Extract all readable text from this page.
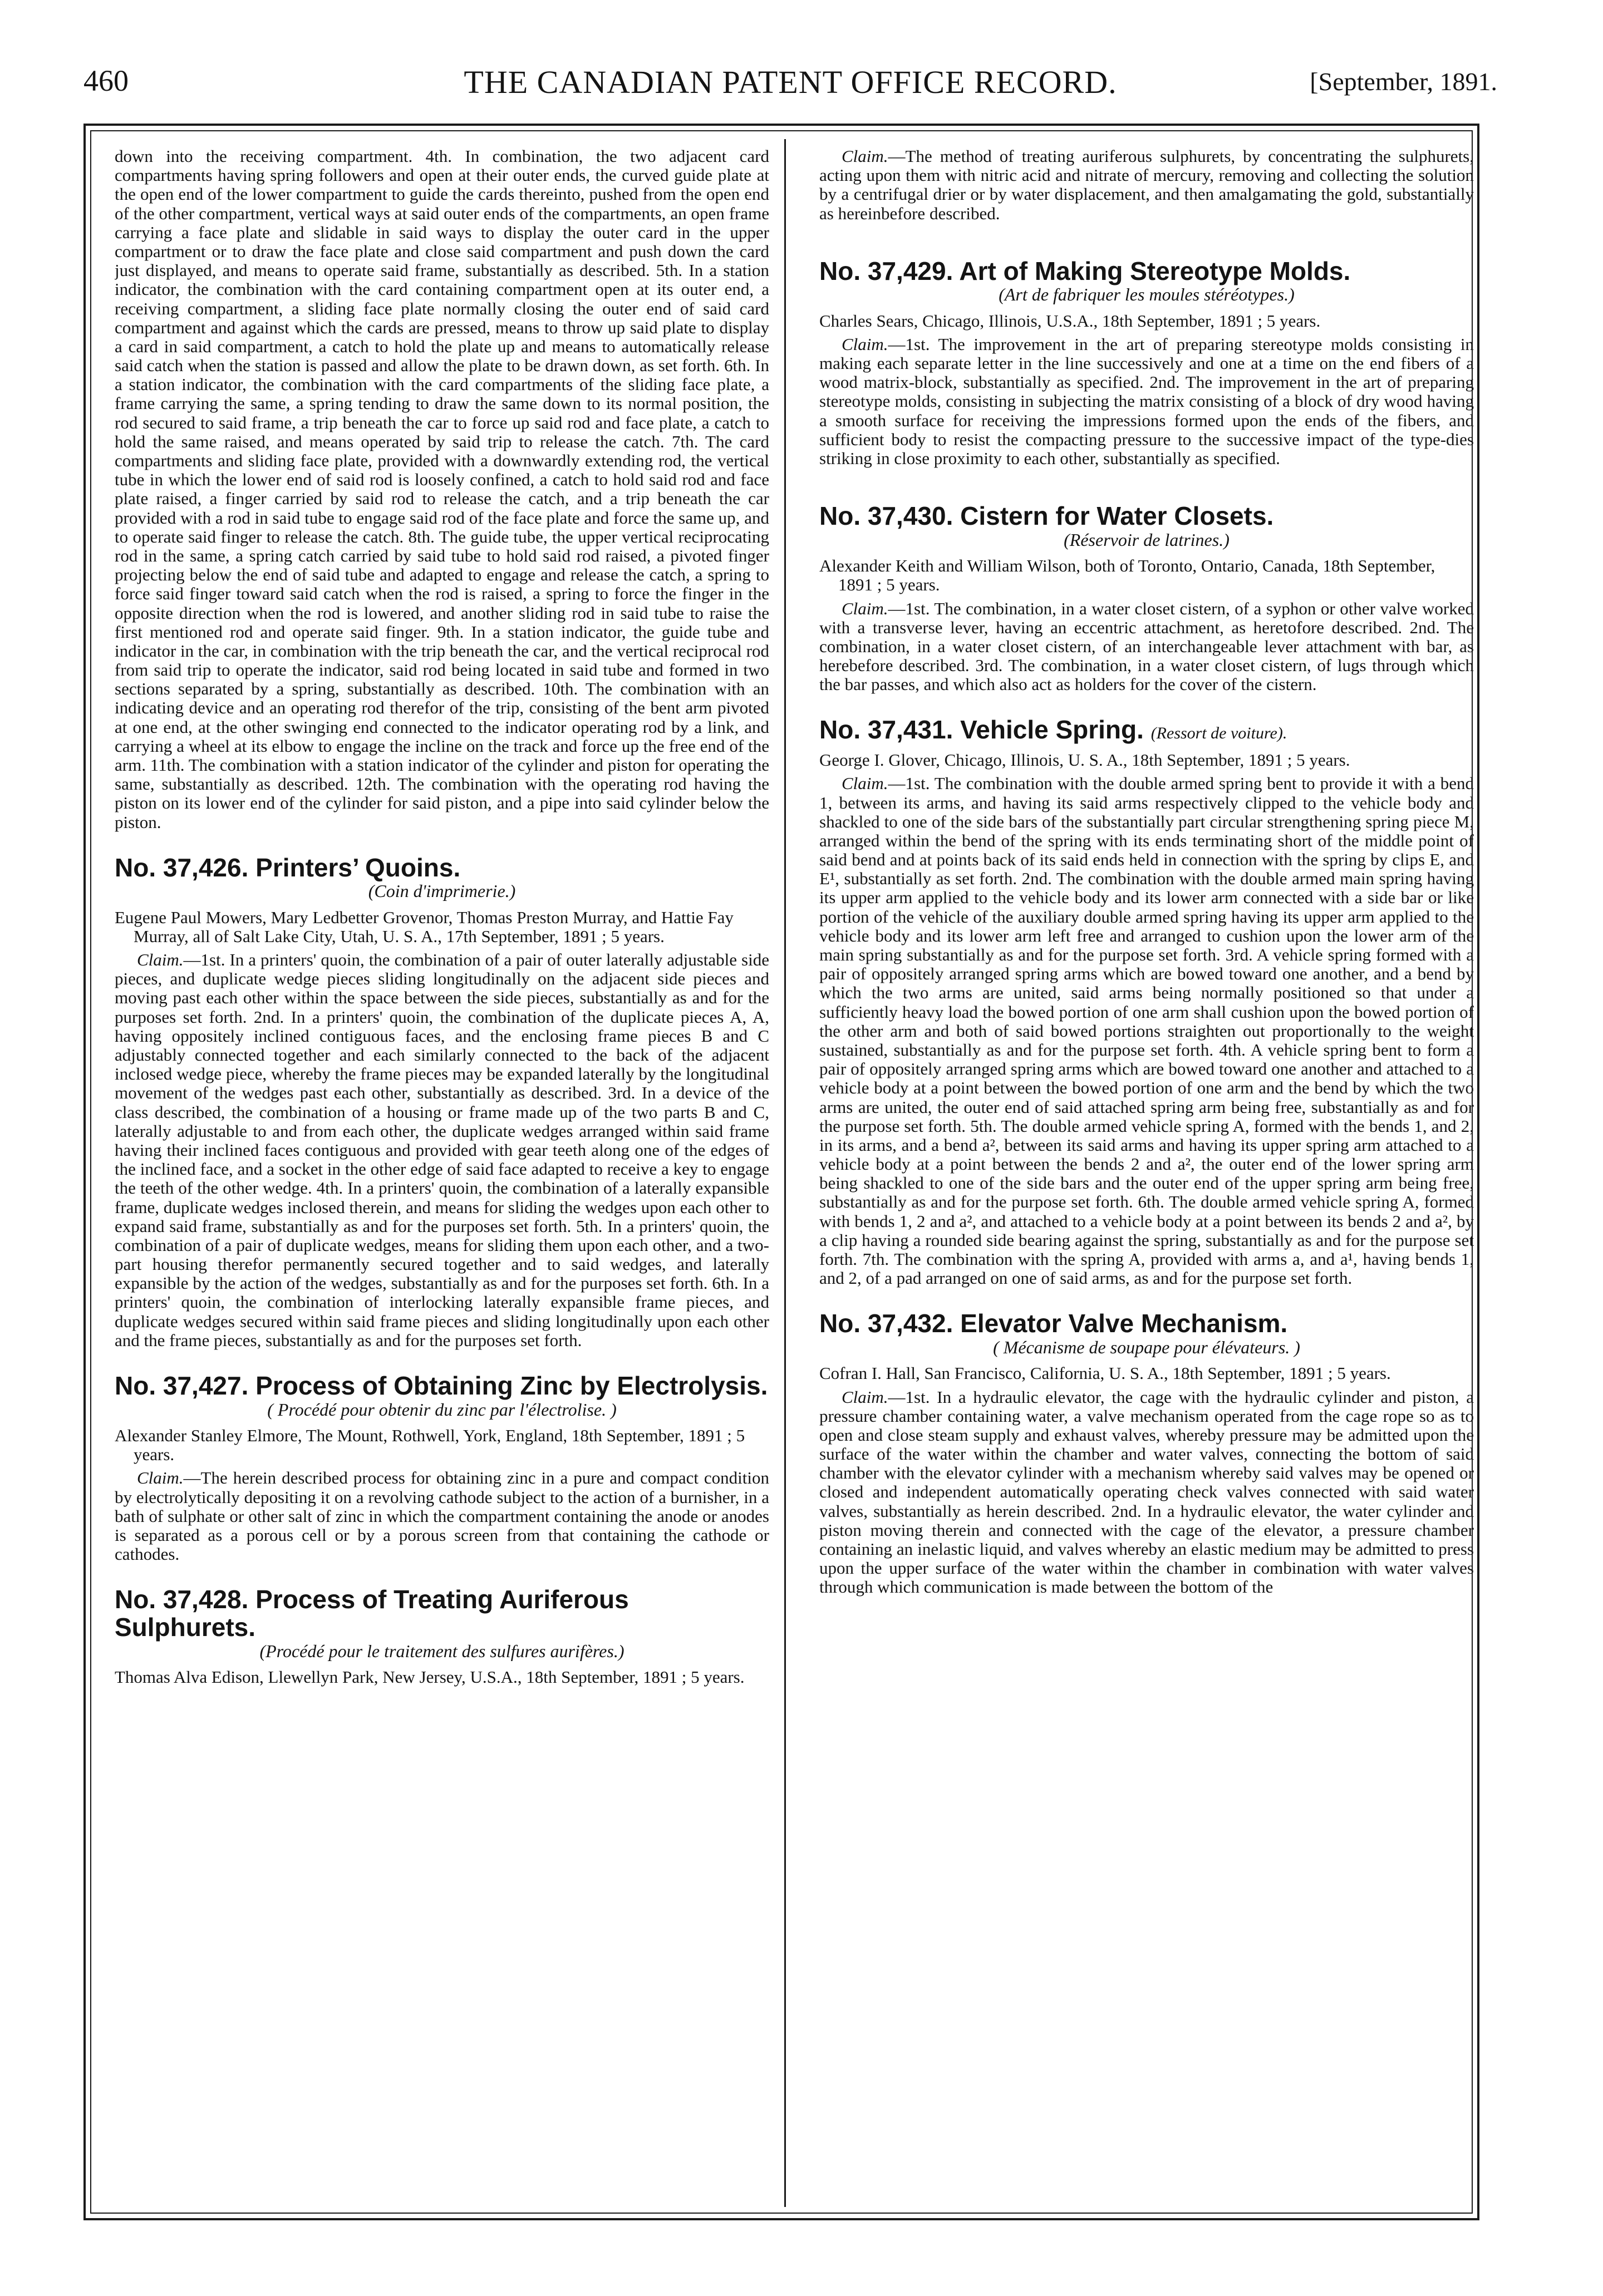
460	THE CANADIAN PATENT OFFICE RECORD.	[September, 1891.

down into the receiving compartment. 4th. In combination, the two adjacent card compartments having spring followers and open at their outer ends, the curved guide plate at the open end of the lower compartment to guide the cards thereinto, pushed from the open end of the other compartment, vertical ways at said outer ends of the compartments, an open frame carrying a face plate and slidable in said ways to display the outer card in the upper compartment or to draw the face plate and close said compartment and push down the card just displayed, and means to operate said frame, substantially as described. 5th. In a station indicator, the combination with the card containing compartment open at its outer end, a receiving compartment, a sliding face plate normally closing the outer end of said card compartment and against which the cards are pressed, means to throw up said plate to display a card in said compartment, a catch to hold the plate up and means to automatically release said catch when the station is passed and allow the plate to be drawn down, as set forth. 6th. In a station indicator, the combination with the card compartments of the sliding face plate, a frame carrying the same, a spring tending to draw the same down to its normal position, the rod secured to said frame, a trip beneath the car to force up said rod and face plate, a catch to hold the same raised, and means operated by said trip to release the catch. 7th. The card compartments and sliding face plate, provided with a downwardly extending rod, the vertical tube in which the lower end of said rod is loosely confined, a catch to hold said rod and face plate raised, a finger carried by said rod to release the catch, and a trip beneath the car provided with a rod in said tube to engage said rod of the face plate and force the same up, and to operate said finger to release the catch. 8th. The guide tube, the upper vertical reciprocating rod in the same, a spring catch carried by said tube to hold said rod raised, a pivoted finger projecting below the end of said tube and adapted to engage and release the catch, a spring to force said finger toward said catch when the rod is raised, a spring to force the finger in the opposite direction when the rod is lowered, and another sliding rod in said tube to raise the first mentioned rod and operate said finger. 9th. In a station indicator, the guide tube and indicator in the car, in combination with the trip beneath the car, and the vertical reciprocal rod from said trip to operate the indicator, said rod being located in said tube and formed in two sections separated by a spring, substantially as described. 10th. The combination with an indicating device and an operating rod therefor of the trip, consisting of the bent arm pivoted at one end, at the other swinging end connected to the indicator operating rod by a link, and carrying a wheel at its elbow to engage the incline on the track and force up the free end of the arm. 11th. The combination with a station indicator of the cylinder and piston for operating the same, substantially as described. 12th. The combination with the operating rod having the piston on its lower end of the cylinder for said piston, and a pipe into said cylinder below the piston.

No. 37,426. Printers’ Quoins.

(Coin d'imprimerie.)

Eugene Paul Mowers, Mary Ledbetter Grovenor, Thomas Preston Murray, and Hattie Fay Murray, all of Salt Lake City, Utah, U. S. A., 17th September, 1891 ; 5 years.

Claim.—1st. In a printers' quoin, the combination of a pair of outer laterally adjustable side pieces, and duplicate wedge pieces sliding longitudinally on the adjacent side pieces and moving past each other within the space between the side pieces, substantially as and for the purposes set forth. 2nd. In a printers' quoin, the combination of the duplicate pieces A, A, having oppositely inclined contiguous faces, and the enclosing frame pieces B and C adjustably connected together and each similarly connected to the back of the adjacent inclosed wedge piece, whereby the frame pieces may be expanded laterally by the longitudinal movement of the wedges past each other, substantially as described. 3rd. In a device of the class described, the combination of a housing or frame made up of the two parts B and C, laterally adjustable to and from each other, the duplicate wedges arranged within said frame having their inclined faces contiguous and provided with gear teeth along one of the edges of the inclined face, and a socket in the other edge of said face adapted to receive a key to engage the teeth of the other wedge. 4th. In a printers' quoin, the combination of a laterally expansible frame, duplicate wedges inclosed therein, and means for sliding the wedges upon each other to expand said frame, substantially as and for the purposes set forth. 5th. In a printers' quoin, the combination of a pair of duplicate wedges, means for sliding them upon each other, and a two-part housing therefor permanently secured together and to said wedges, and laterally expansible by the action of the wedges, substantially as and for the purposes set forth. 6th. In a printers' quoin, the combination of interlocking laterally expansible frame pieces, and duplicate wedges secured within said frame pieces and sliding longitudinally upon each other and the frame pieces, substantially as and for the purposes set forth.

No. 37,427. Process of Obtaining Zinc by Electrolysis.

( Procédé pour obtenir du zinc par l'électrolise. )

Alexander Stanley Elmore, The Mount, Rothwell, York, England, 18th September, 1891 ; 5 years.

Claim.—The herein described process for obtaining zinc in a pure and compact condition by electrolytically depositing it on a revolving cathode subject to the action of a burnisher, in a bath of sulphate or other salt of zinc in which the compartment containing the anode or anodes is separated as a porous cell or by a porous screen from that containing the cathode or cathodes.

No. 37,428. Process of Treating Auriferous Sulphurets.

(Procédé pour le traitement des sulfures aurifères.)

Thomas Alva Edison, Llewellyn Park, New Jersey, U.S.A., 18th September, 1891 ; 5 years.

Claim.—The method of treating auriferous sulphurets, by concentrating the sulphurets, acting upon them with nitric acid and nitrate of mercury, removing and collecting the solution by a centrifugal drier or by water displacement, and then amalgamating the gold, substantially as hereinbefore described.

No. 37,429. Art of Making Stereotype Molds.

(Art de fabriquer les moules stéréotypes.)

Charles Sears, Chicago, Illinois, U.S.A., 18th September, 1891 ; 5 years.

Claim.—1st. The improvement in the art of preparing stereotype molds consisting in making each separate letter in the line successively and one at a time on the end fibers of a wood matrix-block, substantially as specified. 2nd. The improvement in the art of preparing stereotype molds, consisting in subjecting the matrix consisting of a block of dry wood having a smooth surface for receiving the impressions formed upon the ends of the fibers, and sufficient body to resist the compacting pressure to the successive impact of the type-dies striking in close proximity to each other, substantially as specified.

No. 37,430. Cistern for Water Closets.

(Réservoir de latrines.)

Alexander Keith and William Wilson, both of Toronto, Ontario, Canada, 18th September, 1891 ; 5 years.

Claim.—1st. The combination, in a water closet cistern, of a syphon or other valve worked with a transverse lever, having an eccentric attachment, as heretofore described. 2nd. The combination, in a water closet cistern, of an interchangeable lever attachment with bar, as herebefore described. 3rd. The combination, in a water closet cistern, of lugs through which the bar passes, and which also act as holders for the cover of the cistern.

No. 37,431. Vehicle Spring. (Ressort de voiture).

George I. Glover, Chicago, Illinois, U. S. A., 18th September, 1891 ; 5 years.

Claim.—1st. The combination with the double armed spring bent to provide it with a bend 1, between its arms, and having its said arms respectively clipped to the vehicle body and shackled to one of the side bars of the substantially part circular strengthening spring piece M, arranged within the bend of the spring with its ends terminating short of the middle point of said bend and at points back of its said ends held in connection with the spring by clips E, and E¹, substantially as set forth. 2nd. The combination with the double armed main spring having its upper arm applied to the vehicle body and its lower arm connected with a side bar or like portion of the vehicle of the auxiliary double armed spring having its upper arm applied to the vehicle body and its lower arm left free and arranged to cushion upon the lower arm of the main spring substantially as and for the purpose set forth. 3rd. A vehicle spring formed with a pair of oppositely arranged spring arms which are bowed toward one another, and a bend by which the two arms are united, said arms being normally positioned so that under a sufficiently heavy load the bowed portion of one arm shall cushion upon the bowed portion of the other arm and both of said bowed portions straighten out proportionally to the weight sustained, substantially as and for the purpose set forth. 4th. A vehicle spring bent to form a pair of oppositely arranged spring arms which are bowed toward one another and attached to a vehicle body at a point between the bowed portion of one arm and the bend by which the two arms are united, the outer end of said attached spring arm being free, substantially as and for the purpose set forth. 5th. The double armed vehicle spring A, formed with the bends 1, and 2, in its arms, and a bend a², between its said arms and having its upper spring arm attached to a vehicle body at a point between the bends 2 and a², the outer end of the lower spring arm being shackled to one of the side bars and the outer end of the upper spring arm being free, substantially as and for the purpose set forth. 6th. The double armed vehicle spring A, formed with bends 1, 2 and a², and attached to a vehicle body at a point between its bends 2 and a², by a clip having a rounded side bearing against the spring, substantially as and for the purpose set forth. 7th. The combination with the spring A, provided with arms a, and a¹, having bends 1, and 2, of a pad arranged on one of said arms, as and for the purpose set forth.

No. 37,432. Elevator Valve Mechanism.

( Mécanisme de soupape pour élévateurs. )

Cofran I. Hall, San Francisco, California, U. S. A., 18th September, 1891 ; 5 years.

Claim.—1st. In a hydraulic elevator, the cage with the hydraulic cylinder and piston, a pressure chamber containing water, a valve mechanism operated from the cage rope so as to open and close steam supply and exhaust valves, whereby pressure may be admitted upon the surface of the water within the chamber and water valves, connecting the bottom of said chamber with the elevator cylinder with a mechanism whereby said valves may be opened or closed and independent automatically operating check valves connected with said water valves, substantially as herein described. 2nd. In a hydraulic elevator, the water cylinder and piston moving therein and connected with the cage of the elevator, a pressure chamber containing an inelastic liquid, and valves whereby an elastic medium may be admitted to press upon the upper surface of the water within the chamber in combination with water valves through which communication is made between the bottom of the
